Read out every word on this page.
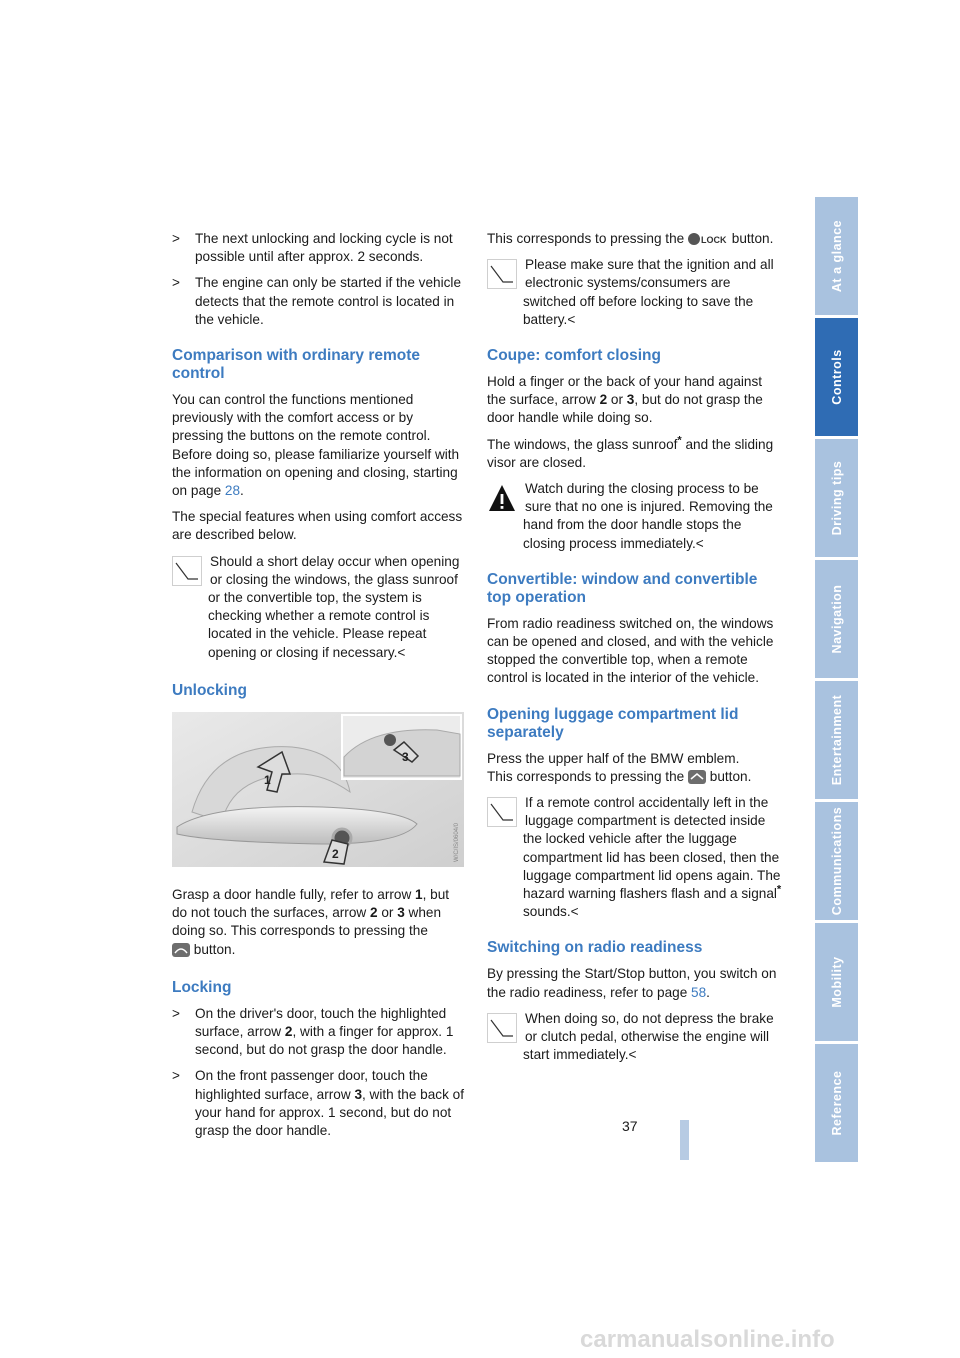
> The next unlocking and locking cycle is not possible until after approx. 2 seconds.
> The engine can only be started if the vehicle detects that the remote control is located in the vehicle.
Comparison with ordinary remote control

You can control the functions mentioned previously with the comfort access or by pressing the buttons on the remote control. Before doing so, please familiarize yourself with the information on opening and closing, starting on page 28.

The special features when using comfort access are described below.

Should a short delay occur when opening or closing the windows, the glass sunroof or the convertible top, the system is checking whether a remote control is located in the vehicle. Please repeat opening or closing if necessary.<
Unlocking
1
2
3
W/C/IS/0604/0

Grasp a door handle fully, refer to arrow 1, but do not touch the surfaces, arrow 2 or 3 when doing so. This corresponds to pressing the
button.

Locking
> On the driver's door, touch the highlighted surface, arrow 2, with a finger for approx. 1 second, but do not grasp the door handle.
> On the front passenger door, touch the highlighted surface, arrow 3, with the back of your hand for approx. 1 second, but do not grasp the door handle.

This corresponds to pressing the LOCK button.

Please make sure that the ignition and all electronic systems/consumers are switched off before locking to save the battery.<
Coupe: comfort closing

Hold a finger or the back of your hand against the surface, arrow 2 or 3, but do not grasp the door handle while doing so.

The windows, the glass sunroof* and the sliding visor are closed.

Watch during the closing process to be sure that no one is injured. Removing the hand from the door handle stops the closing process immediately.<
Convertible: window and convertible top operation

From radio readiness switched on, the windows can be opened and closed, and with the vehicle stopped the convertible top, when a remote control is located in the interior of the vehicle.

Opening luggage compartment lid separately

Press the upper half of the BMW emblem.

This corresponds to pressing the  button.

If a remote control accidentally left in the luggage compartment is detected inside the locked vehicle after the luggage compartment lid has been closed, then the luggage compartment lid opens again. The hazard warning flashers flash and a signal* sounds.<
Switching on radio readiness

By pressing the Start/Stop button, you switch on the radio readiness, refer to page 58.

When doing so, do not depress the brake or clutch pedal, otherwise the engine will start immediately.<
37
At a glance
Controls
Driving tips
Navigation
Entertainment
Communications
Mobility
Reference
carmanualsonline.info
